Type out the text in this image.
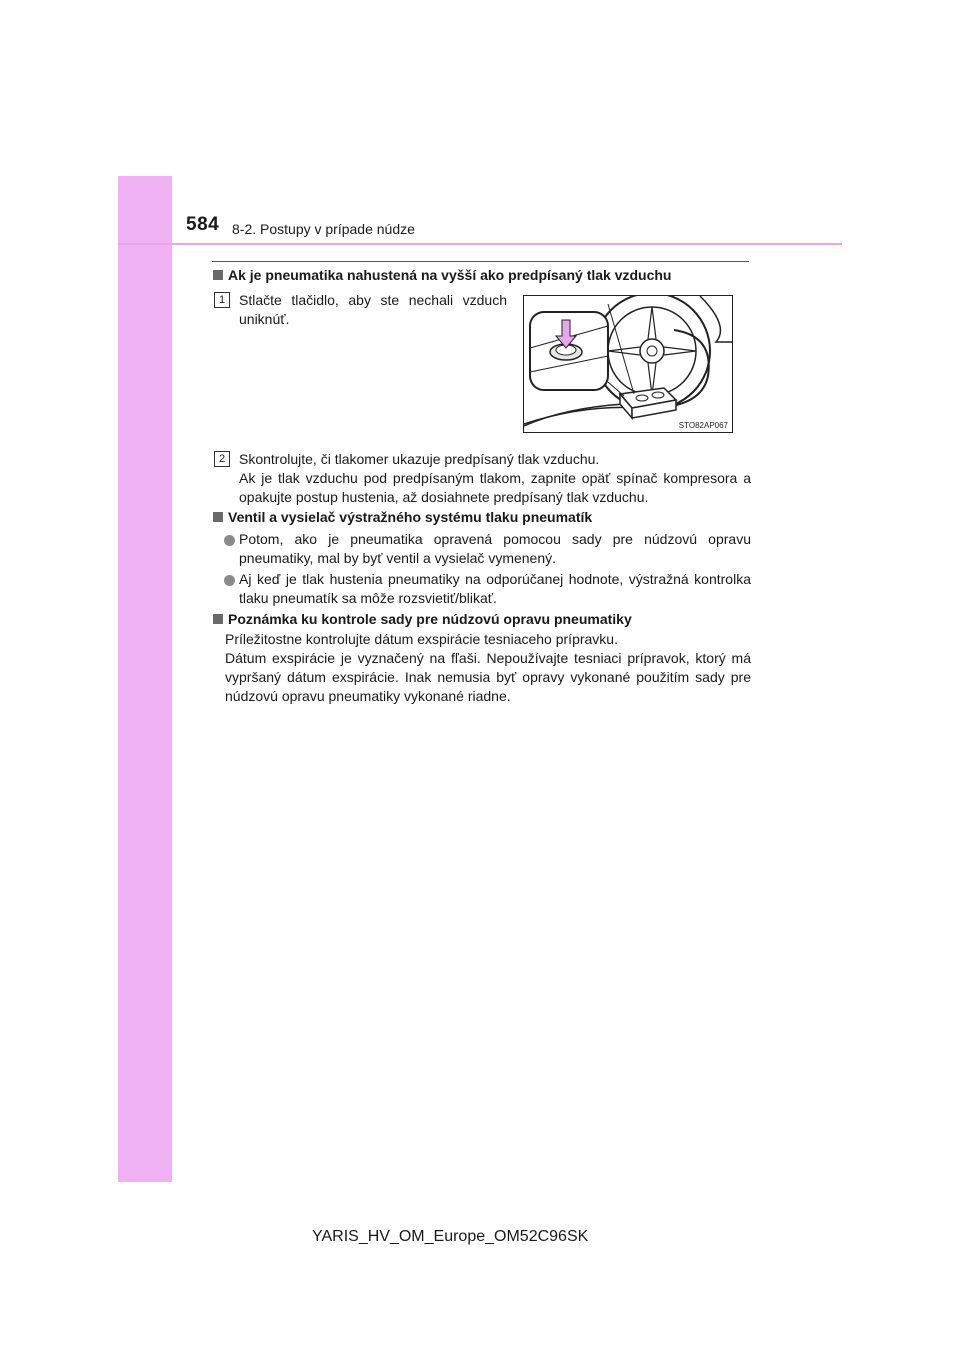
584 8-2. Postupy v prípade núdze
Ak je pneumatika nahustená na vyšší ako predpísaný tlak vzduchu
1 Stlačte tlačidlo, aby ste nechali vzduch uniknúť.
STO82AP067
2 Skontrolujte, či tlakomer ukazuje predpísaný tlak vzduchu.
Ak je tlak vzduchu pod predpísaným tlakom, zapnite opäť spínač kompresora a opakujte postup hustenia, až dosiahnete predpísaný tlak vzduchu.
Ventil a vysielač výstražného systému tlaku pneumatík
Potom, ako je pneumatika opravená pomocou sady pre núdzovú opravu pneumatiky, mal by byť ventil a vysielač vymenený.
Aj keď je tlak hustenia pneumatiky na odporúčanej hodnote, výstražná kontrolka tlaku pneumatík sa môže rozsvietiť/blikať.
Poznámka ku kontrole sady pre núdzovú opravu pneumatiky
Príležitostne kontrolujte dátum exspirácie tesniaceho prípravku.
Dátum exspirácie je vyznačený na fľaši. Nepoužívajte tesniaci prípravok, ktorý má vypršaný dátum exspirácie. Inak nemusia byť opravy vykonané použitím sady pre núdzovú opravu pneumatiky vykonané riadne.
YARIS_HV_OM_Europe_OM52C96SK
